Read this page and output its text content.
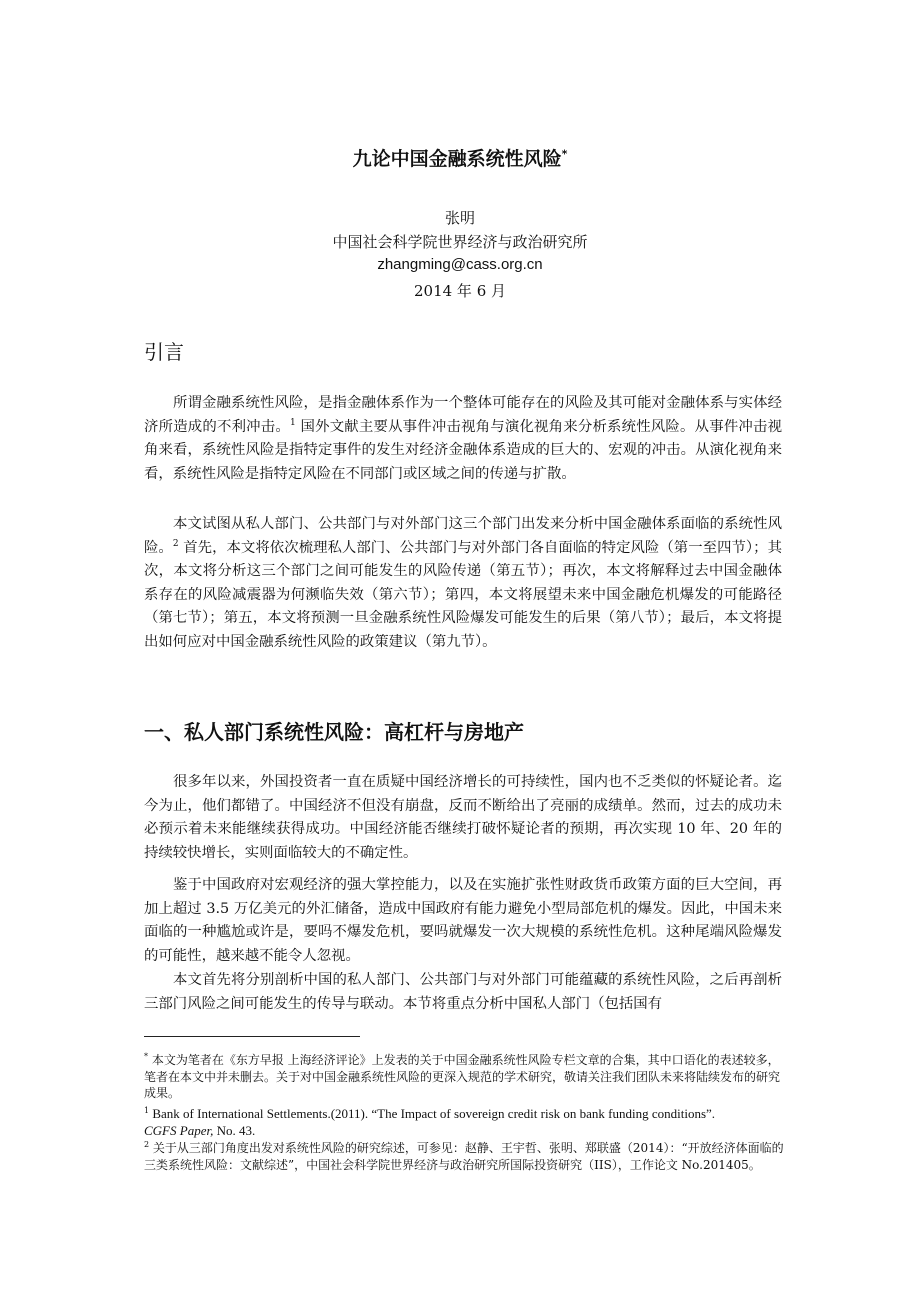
九论中国金融系统性风险*
张明
中国社会科学院世界经济与政治研究所
zhangming@cass.org.cn
2014 年 6 月
引言

所谓金融系统性风险，是指金融体系作为一个整体可能存在的风险及其可能对金融体系与实体经济所造成的不利冲击。$^1$ 国外文献主要从事件冲击视角与演化视角来分析系统性风险。从事件冲击视角来看，系统性风险是指特定事件的发生对经济金融体系造成的巨大的、宏观的冲击。从演化视角来看，系统性风险是指特定风险在不同部门或区域之间的传递与扩散。

本文试图从私人部门、公共部门与对外部门这三个部门出发来分析中国金融体系面临的系统性风险。$^2$ 首先，本文将依次梳理私人部门、公共部门与对外部门各自面临的特定风险（第一至四节）；其次，本文将分析这三个部门之间可能发生的风险传递（第五节）；再次，本文将解释过去中国金融体系存在的风险减震器为何濒临失效（第六节）；第四，本文将展望未来中国金融危机爆发的可能路径（第七节）；第五，本文将预测一旦金融系统性风险爆发可能发生的后果（第八节）；最后，本文将提出如何应对中国金融系统性风险的政策建议（第九节）。

一、私人部门系统性风险：高杠杆与房地产

很多年以来，外国投资者一直在质疑中国经济增长的可持续性，国内也不乏类似的怀疑论者。迄今为止，他们都错了。中国经济不但没有崩盘，反而不断给出了亮丽的成绩单。然而，过去的成功未必预示着未来能继续获得成功。中国经济能否继续打破怀疑论者的预期，再次实现 10 年、20 年的持续较快增长，实则面临较大的不确定性。

鉴于中国政府对宏观经济的强大掌控能力，以及在实施扩张性财政货币政策方面的巨大空间，再加上超过 3.5 万亿美元的外汇储备，造成中国政府有能力避免小型局部危机的爆发。因此，中国未来面临的一种尴尬或许是，要吗不爆发危机，要吗就爆发一次大规模的系统性危机。这种尾端风险爆发的可能性，越来越不能令人忽视。

本文首先将分别剖析中国的私人部门、公共部门与对外部门可能蕴藏的系统性风险，之后再剖析三部门风险之间可能发生的传导与联动。本节将重点分析中国私人部门（包括国有

* 本文为笔者在《东方早报 上海经济评论》上发表的关于中国金融系统性风险专栏文章的合集，其中口语化的表述较多，笔者在本文中并未删去。关于对中国金融系统性风险的更深入规范的学术研究，敬请关注我们团队未来将陆续发布的研究成果。

$^1$ Bank of International Settlements.(2011). “The Impact of sovereign credit risk on bank funding conditions”.
CGFS Paper, No. 43.

$^2$ 关于从三部门角度出发对系统性风险的研究综述，可参见：赵静、王宇哲、张明、郑联盛（2014）：“开放经济体面临的三类系统性风险：文献综述”，中国社会科学院世界经济与政治研究所国际投资研究（IIS），工作论文 No.201405。
